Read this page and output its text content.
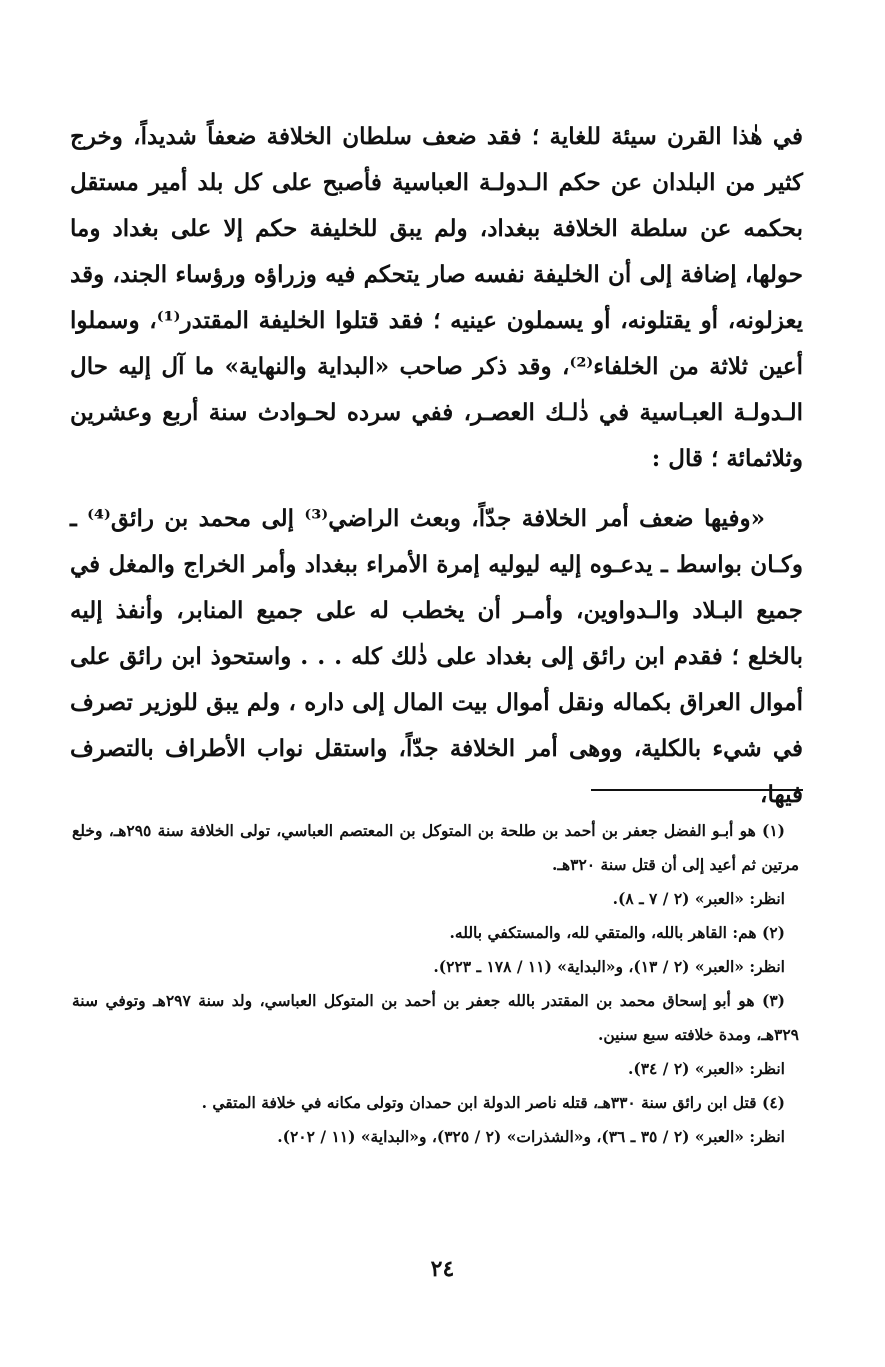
في هٰذا القرن سيئة للغاية ؛ فقد ضعف سلطان الخلافة ضعفاً شديداً، وخرج كثير من البلدان عن حكم الـدولـة العباسية فأصبح على كل بلد أمير مستقل بحكمه عن سلطة الخلافة ببغداد، ولم يبق للخليفة حكم إلا على بغداد وما حولها، إضافة إلى أن الخليفة نفسه صار يتحكم فيه وزراؤه ورؤساء الجند، وقد يعزلونه، أو يقتلونه، أو يسملون عينيه ؛ فقد قتلوا الخليفة المقتدر⁽¹⁾، وسملوا أعين ثلاثة من الخلفاء⁽²⁾، وقد ذكر صاحب «البداية والنهاية» ما آل إليه حال الـدولـة العبـاسية في ذٰلـك العصـر، ففي سرده لحـوادث سنة أربع وعشرين وثلاثمائة ؛ قال :

«وفيها ضعف أمر الخلافة جدّاً، وبعث الراضي⁽³⁾ إلى محمد بن رائق⁽⁴⁾ ـ وكـان بواسط ـ يدعـوه إليه ليوليه إمرة الأمراء ببغداد وأمر الخراج والمغل في جميع البـلاد والـدواوين، وأمـر أن يخطب له على جميع المنابر، وأنفذ إليه بالخلع ؛ فقدم ابن رائق إلى بغداد على ذٰلك كله . . . واستحوذ ابن رائق على أموال العراق بكماله ونقل أموال بيت المال إلى داره ، ولم يبق للوزير تصرف في شيء بالكلية، ووهى أمر الخلافة جدّاً، واستقل نواب الأطراف بالتصرف فيها،

(١) هو أبـو الفضل جعفر بن أحمد بن طلحة بن المتوكل بن المعتصم العباسي، تولى الخلافة سنة ٢٩٥هـ، وخلع مرتين ثم أعيد إلى أن قتل سنة ٣٢٠هـ.

انظر: «العبر» (٢ / ٧ ـ ٨).

(٢) هم: القاهر بالله، والمتقي لله، والمستكفي بالله.

انظر: «العبر» (٢ / ١٣)، و«البداية» (١١ / ١٧٨ ـ ٢٢٣).

(٣) هو أبو إسحاق محمد بن المقتدر بالله جعفر بن أحمد بن المتوكل العباسي، ولد سنة ٢٩٧هـ وتوفي سنة ٣٢٩هـ، ومدة خلافته سبع سنين.

انظر: «العبر» (٢ / ٣٤).

(٤) قتل ابن رائق سنة ٣٣٠هـ، قتله ناصر الدولة ابن حمدان وتولى مكانه في خلافة المتقي .

انظر: «العبر» (٢ / ٣٥ ـ ٣٦)، و«الشذرات» (٢ / ٣٢٥)، و«البداية» (١١ / ٢٠٢).

٢٤
